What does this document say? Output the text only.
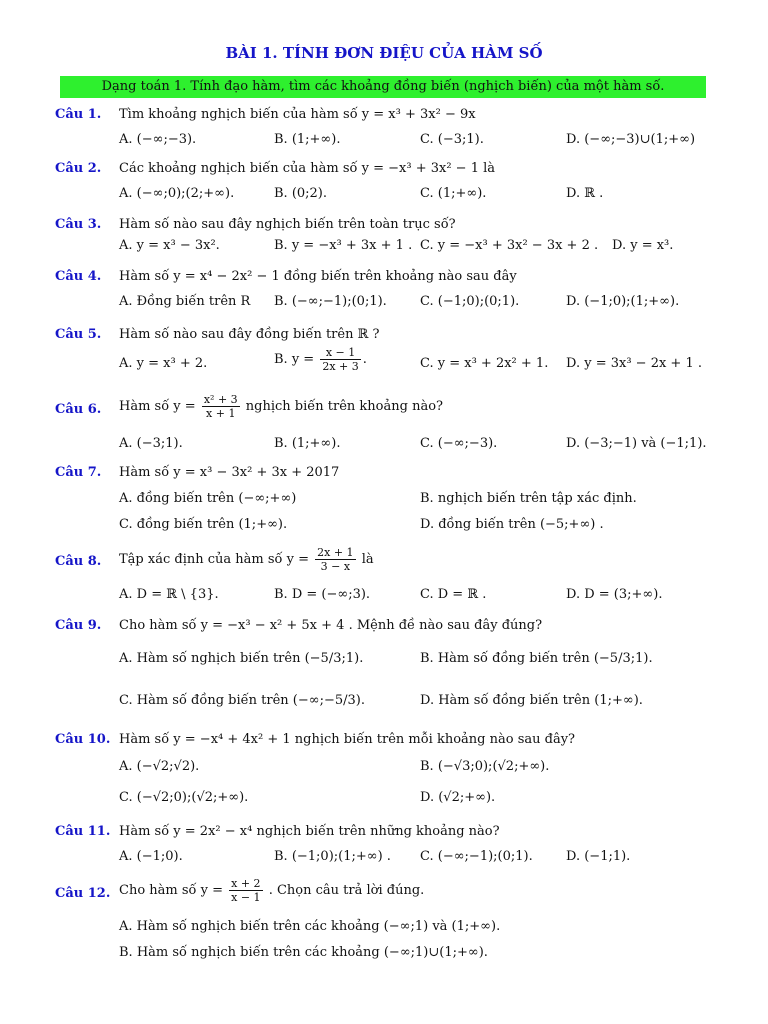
BÀI 1. TÍNH ĐƠN ĐIỆU CỦA HÀM SỐ
Dạng toán 1. Tính đạo hàm, tìm các khoảng đồng biến (nghịch biến) của một hàm số.
Câu 1. Tìm khoảng nghịch biến của hàm số y = x³ + 3x² − 9x
A. (−∞;−3).	B. (1;+∞).	C. (−3;1).	D. (−∞;−3)∪(1;+∞)
Câu 2. Các khoảng nghịch biến của hàm số y = −x³ + 3x² − 1 là
A. (−∞;0);(2;+∞).	B. (0;2).	C. (1;+∞).	D. ℝ .
Câu 3. Hàm số nào sau đây nghịch biến trên toàn trục số?
A. y = x³ − 3x².	B. y = −x³ + 3x + 1 . C. y = −x³ + 3x² − 3x + 2 . D. y = x³.
Câu 4. Hàm số y = x⁴ − 2x² − 1 đồng biến trên khoảng nào sau đây
A. Đồng biến trên R B. (−∞;−1);(0;1).	C. (−1;0);(0;1).	D. (−1;0);(1;+∞).
Câu 5. Hàm số nào sau đây đồng biến trên ℝ ?
A. y = x³ + 2.	B. $y = \frac{x - 1}{2x + 3}$ .	C. y = x³ + 2x² + 1. D. y = 3x³ − 2x + 1 .
Câu 6. Hàm số $y = \frac{\text{x² + 3}}{x + 1}$ nghịch biến trên khoảng nào?
A. (−3;1).	B. (1;+∞).	C. (−∞;−3).	D. (−3;−1) và (−1;1).
Câu 7. Hàm số y = x³ − 3x² + 3x + 2017
A. đồng biến trên (−∞;+∞)	B. nghịch biến trên tập xác định.
C. đồng biến trên (1;+∞).	D. đồng biến trên (−5;+∞) .
Câu 8. Tập xác định của hàm số $y = \frac{2x + 1}{3 - x}$ là
A. D = ℝ \ {3}.	B. D = (−∞;3).	C. D = ℝ .	D. D = (3;+∞).
Câu 9. Cho hàm số y = −x³ − x² + 5x + 4 . Mệnh đề nào sau đây đúng?
A. Hàm số nghịch biến trên (−5/3;1).	B. Hàm số đồng biến trên (−5/3;1).
C. Hàm số đồng biến trên (−∞;−5/3).	D. Hàm số đồng biến trên (1;+∞).
Câu 10. Hàm số y = −x⁴ + 4x² + 1 nghịch biến trên mỗi khoảng nào sau đây?
A. (−√2;√2).	B. (−√3;0);(√2;+∞).
C. (−√2;0);(√2;+∞).	D. (√2;+∞).
Câu 11. Hàm số y = 2x² − x⁴ nghịch biến trên những khoảng nào?
A. (−1;0).	B. (−1;0);(1;+∞) . C. (−∞;−1);(0;1).	D. (−1;1).
Câu 12. Cho hàm số $y = \frac{x + 2}{x - 1}$ . Chọn câu trả lời đúng.
A. Hàm số nghịch biến trên các khoảng (−∞;1) và (1;+∞).
B. Hàm số nghịch biến trên các khoảng (−∞;1)∪(1;+∞).
